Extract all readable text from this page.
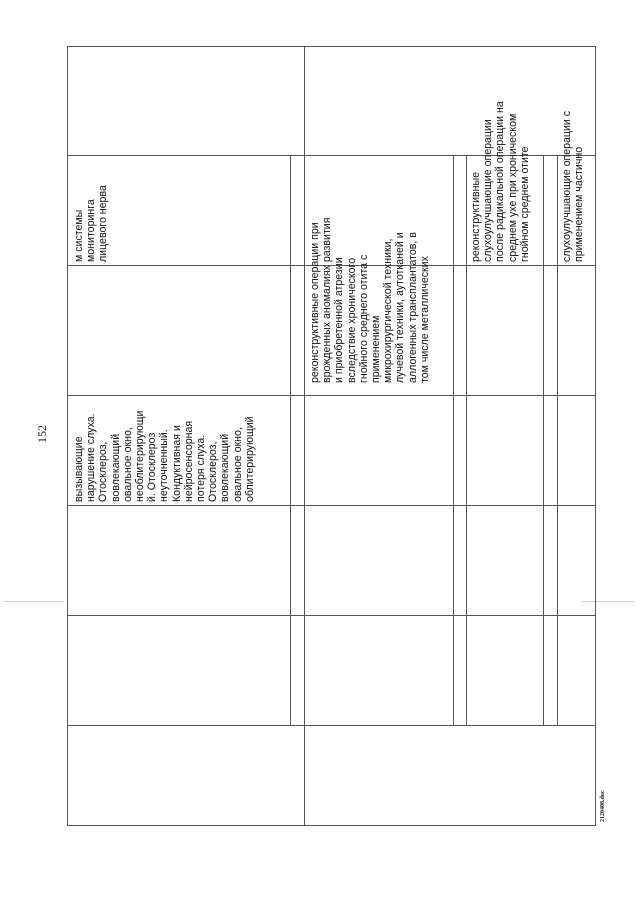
152
2120408.doc
вызывающие нарушение слуха. Отосклероз, вовлекающий овальное окно, необлитерирующи й. Отосклероз неуточненный. Кондуктивная и нейросенсорная потеря слуха. Отосклероз, вовлекающий овальное окно, облитерирующий
м системы мониторинга лицевого нерва	реконструктивные операции при врожденных аномалиях развития и приобретенной атрезии вследствие хронического гнойного среднего отита с применением микрохирургической техники, лучевой техники, аутотканей и аллогенных трансплантатов, в том числе металлических
реконструктивные слухоулучшающие операции после радикальной операции на среднем ухе при хроническом гнойном среднем отите	слухоулучшающие операции с применением частично
